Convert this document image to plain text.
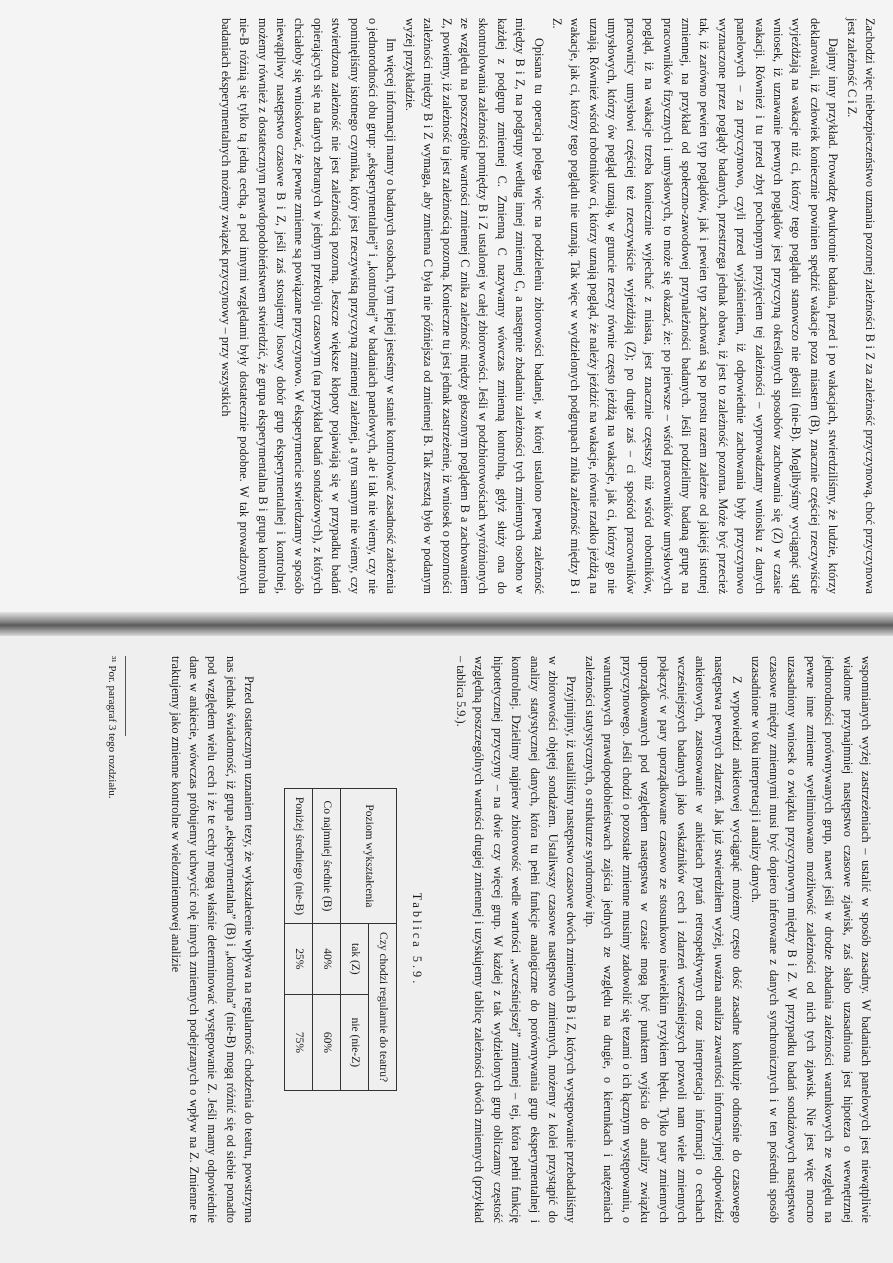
Zachodzi więc niebezpieczeństwo uznania pozornej zależności B i Z za zależność przyczynową, choć przyczynowa jest zależność C i Z.

Dajmy inny przykład. Prowadzę dwukrotnie badania, przed i po wakacjach, stwierdziliśmy, że ludzie, którzy deklarowali, iż człowiek koniecznie powinien spędzić wakacje poza miastem (B), znacznie częściej rzeczywiście wyjeżdżają na wakacje niż ci, którzy tego poglądu stanowczo nie głosili (nie-B). Moglibyśmy wyciągnąć stąd wniosek, iż uznawanie pewnych poglądów jest przyczyną określonych sposobów zachowania się (Z) w czasie wakacji. Również i tu przed zbyt pochopnym przyjęciem tej zależności – wyprowadzamy wniosku z danych panelowych – za przyczynowo, czyli przed wyjaśnieniem, iż odpowiednie zachowania były przyczynowo wyznaczone przez poglądy badanych, przestrzega jednak obawa, iż jest to zależność pozorna. Może być przecież tak, iż zarówno pewien typ poglądów, jak i pewien typ zachowań są po prostu razem zależne od jakiejś istotnej zmiennej, na przykład od społeczno-zawodowej przynależności badanych. Jeśli podzielimy badaną grupę na pracowników fizycznych i umysłowych, to może się okazać, że: po pierwsze – wśród pracowników umysłowych pogląd, iż na wakacje trzeba koniecznie wyjechać z miasta, jest znacznie częstszy niż wśród robotników, pracownicy umysłowi częściej też rzeczywiście wyjeżdżają (Z); po drugie zaś – ci spośród pracowników umysłowych, którzy ów pogląd uznają, w gruncie rzeczy równie często jeżdżą na wakacje, jak ci, którzy go nie uznają. Również wśród robotników ci, którzy uznają pogląd, że należy jeździć na wakacje, równie rzadko jeżdżą na wakacje, jak ci, którzy tego poglądu nie uznają. Tak więc w wydzielonych podgrupach znika zależność między B i Z.

Opisana tu operacja polega więc na podzieleniu zbiorowości badanej, w której ustalono pewną zależność między B i Z, na podgrupy według innej zmiennej C, a następnie zbadaniu zależności tych zmiennych osobno w każdej z podgrup zmiennej C. Zmienną C nazywamy wówczas zmienną kontrolną, gdyż służy ona do skontrolowania zależności pomiędzy B i Z ustalonej w całej zbiorowości. Jeśli w podzbiorowościach wyróżnionych ze względu na poszczególne wartości zmiennej C znika zależność między głoszonym poglądem B a zachowaniem Z, powiemy, iż zależność ta jest zależnością pozorną. Konieczne tu jest jednak zastrzeżenie, iż wniosek o pozorności zależności między B i Z wymaga, aby zmienna C była nie późniejsza od zmiennej B. Tak zresztą było w podanym wyżej przykładzie.

Im więcej informacji mamy o badanych osobach, tym lepiej jesteśmy w stanie kontrolować zasadność założenia o jednorodności obu grup: „eksperymentalnej” i „kontrolnej” w badaniach panelowych, ale i tak nie wiemy, czy nie pominęliśmy istotnego czynnika, który jest rzeczywistą przyczyną zmiennej zależnej, a tym samym nie wiemy, czy stwierdzona zależność nie jest zależnością pozorną. Jeszcze większe kłopoty pojawiają się w przypadku badań opierających się na danych zebranych w jednym przekroju czasowym (na przykład badań sondażowych), z których chciałoby się wnioskować, że pewne zmienne są powiązane przyczynowo. W eksperymencie stwierdzamy w sposób niewątpliwy następstwo czasowe B i Z, jeśli zaś stosujemy losowy dobór grup eksperymentalnej i kontrolnej, możemy również z dostatecznym prawdopodobieństwem stwierdzić, że grupa eksperymentalna B i grupa kontrolna nie-B różnią się tylko tą jedną cechą, a pod innymi względami były dostatecznie podobne. W tak prowadzonych badaniach eksperymentalnych możemy związek przyczynowy – przy wszystkich

wspomnianych wyżej zastrzeżeniach – ustalić w sposób zasadny. W badaniach panelowych jest niewątpliwie wiadome przynajmniej następstwo czasowe zjawisk, zaś słabo uzasadniona jest hipoteza o wewnętrznej jednorodności porównywanych grup, nawet jeśli w drodze zbadania zależności warunkowych ze względu na pewne inne zmienne wyeliminowano możliwość zależności od nich tych zjawisk. Nie jest więc mocno uzasadniony wniosek o związku przyczynowym między B i Z. W przypadku badań sondażowych następstwo czasowe między zmiennymi musi być dopiero inferowane z danych synchronicznych i w ten pośredni sposób uzasadnione w toku interpretacji i analizy danych.

Z wypowiedzi ankietowej wyciągnąć możemy często dość zasadne konkluzje odnośnie do czasowego następstwa pewnych zdarzeń. Jak już stwierdziłem wyżej, uważna analiza zawartości informacyjnej odpowiedzi ankietowych, zastosowanie w ankietach pytań retrospektywnych oraz interpretacja informacji o cechach wcześniejszych badanych jako wskaźników cech i zdarzeń wcześniejszych pozwoli nam wiele zmiennych połączyć w pary uporządkowane czasowo ze stosunkowo niewielkim ryzykiem błędu. Tylko pary zmiennych uporządkowanych pod względem następstwa w czasie mogą być punktem wyjścia do analizy związku przyczynowego. Jeśli chodzi o pozostałe zmienne musimy zadowolić się tezami o ich łącznym występowaniu, o warunkowych prawdopodobieństwach zajścia jednych ze względu na drugie, o kierunkach i natężeniach zależności statystycznych, o strukturze syndromów itp.

Przyjmijmy, iż ustaliliśmy następstwo czasowe dwóch zmiennych B i Z, których występowanie przebadaliśmy w zbiorowości objętej sondażem. Ustaliwszy czasowe następstwo zmiennych, możemy z kolei przystąpić do analizy statystycznej danych, która tu pełni funkcje analogiczne do porównywania grup eksperymentalnej i kontrolnej. Dzielimy najpierw zbiorowość wedle wartości „wcześniejszej” zmiennej – tej, która pełni funkcję hipotetycznej przyczyny – na dwie czy więcej grup. W każdej z tak wydzielonych grup obliczamy częstość względną poszczególnych wartości drugiej zmiennej i uzyskujemy tablicę zależności dwóch zmiennych (przykład – tablica 5.9.).

Tablica 5.9.
Poziom wykształcenia	Czy chodzi regularnie do teatru?	
	tak (Z)	nie (nie-Z)
Co najmniej średnie (B)	40%	60%
Poniżej średniego (nie-B)	25%	75%

Przed ostatecznym uznaniem tezy, że wykształcenie wpływa na regularność chodzenia do teatru, powstrzyma nas jednak świadomość, iż grupa „eksperymentalna” (B) i „kontrolna” (nie-B) mogą różnić się od siebie ponadto pod względem wielu cech i że te cechy mogą właśnie determinować występowanie Z. Jeśli mamy odpowiednie dane w ankiecie, wówczas próbujemy uchwycić rolę innych zmiennych podejrzanych o wpływ na Z. Zmienne te traktujemy jako zmienne kontrolne w wielozmiennowej analizie

³¹ Por. paragraf 3 tego rozdziału.
